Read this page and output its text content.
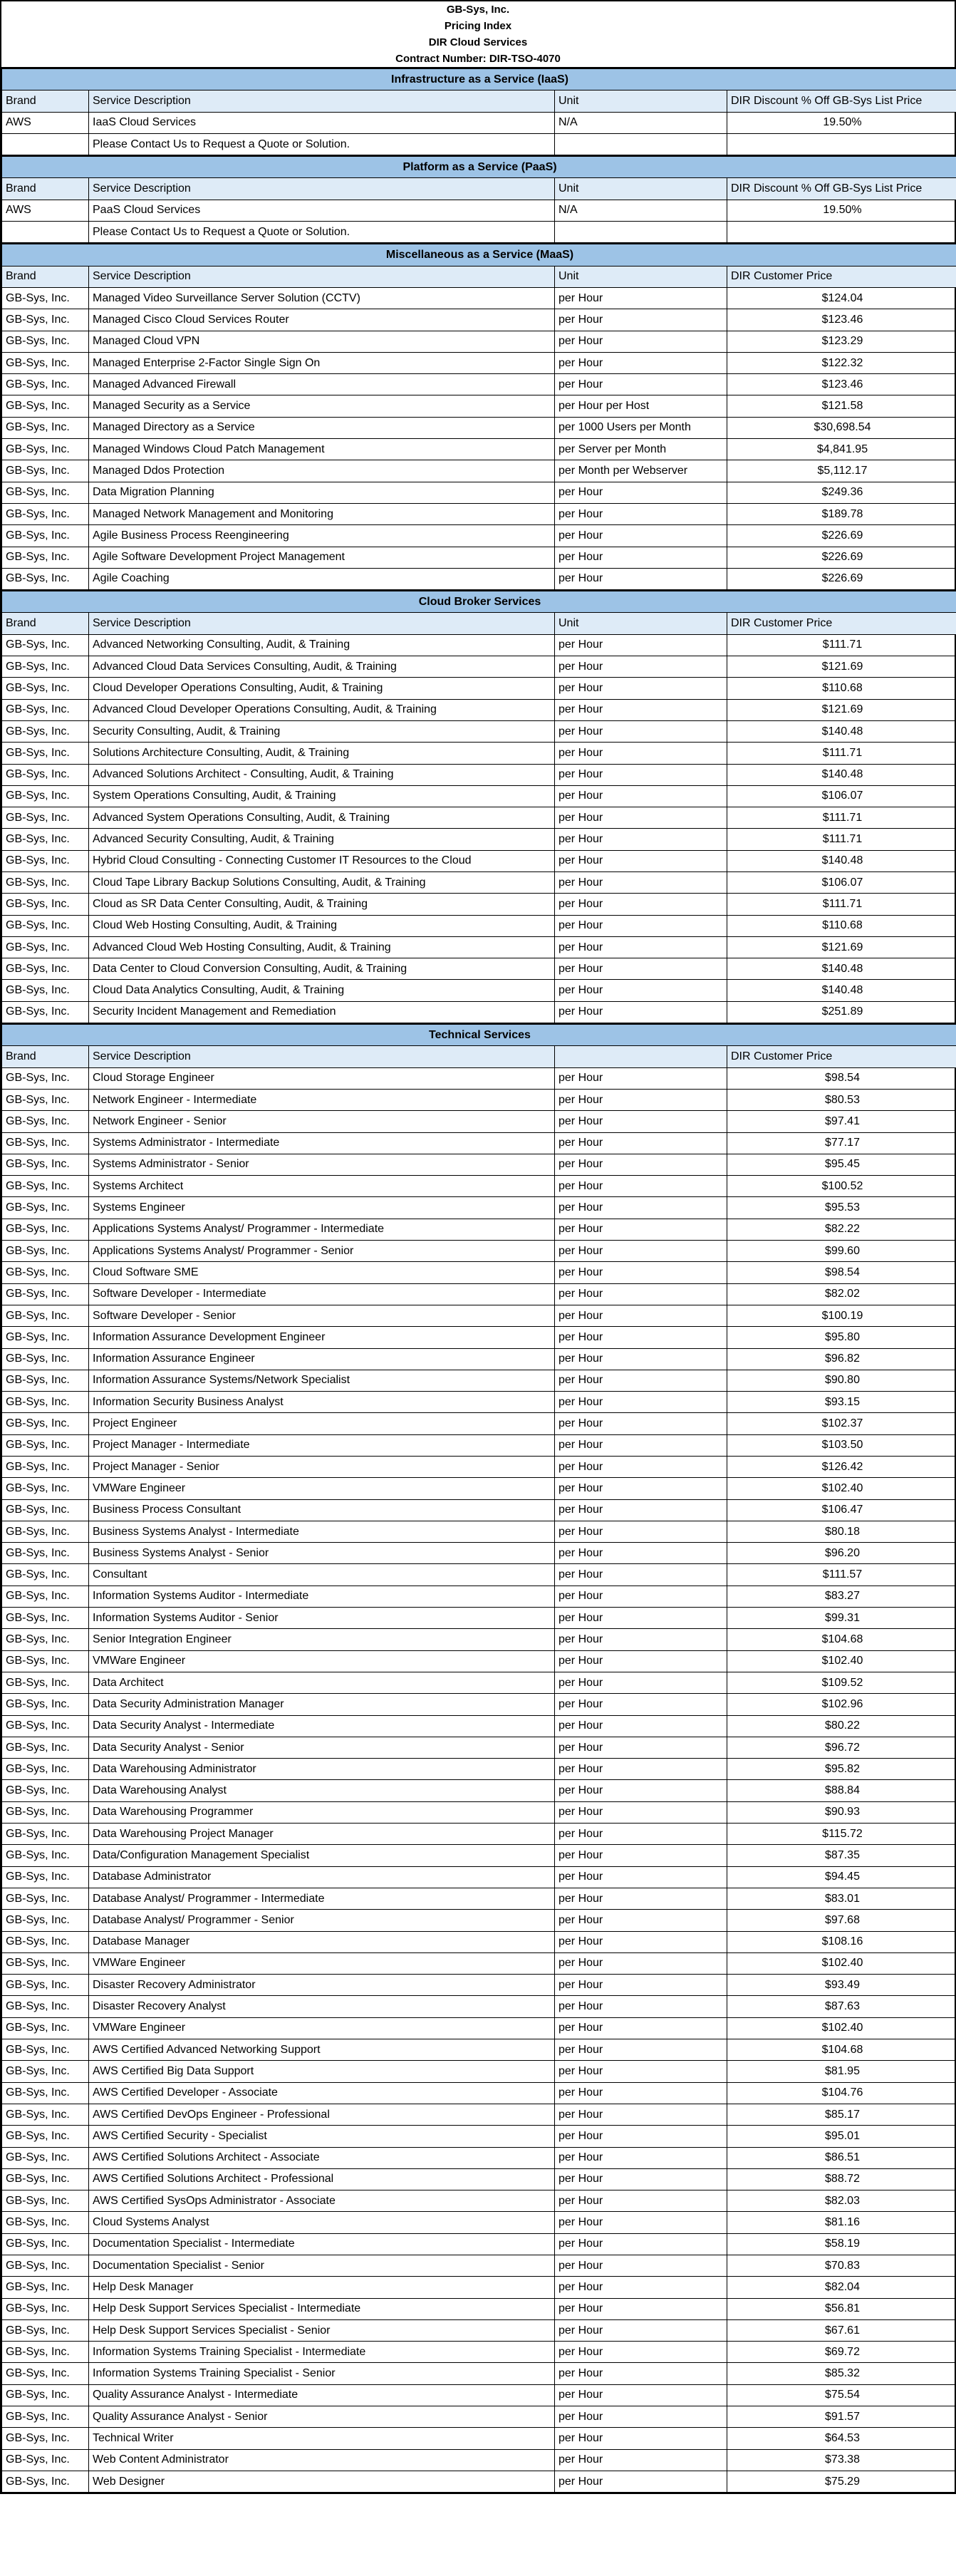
GB-Sys, Inc.
Pricing Index
DIR Cloud Services
Contract Number: DIR-TSO-4070
Infrastructure as a Service (IaaS)			
Brand	Service Description	Unit	DIR Discount % Off GB-Sys List Price
AWS	IaaS Cloud Services	N/A	19.50%
	Please Contact Us to Request a Quote or Solution.		
Platform as a Service (PaaS)			
Brand	Service Description	Unit	DIR Discount % Off GB-Sys List Price
AWS	PaaS Cloud Services	N/A	19.50%
	Please Contact Us to Request a Quote or Solution.		
Miscellaneous as a Service (MaaS)			
Brand	Service Description	Unit	DIR Customer Price
GB-Sys, Inc.	Managed Video Surveillance Server Solution (CCTV)	per Hour	$124.04
GB-Sys, Inc.	Managed Cisco Cloud Services Router	per Hour	$123.46
GB-Sys, Inc.	Managed Cloud VPN	per Hour	$123.29
GB-Sys, Inc.	Managed Enterprise 2-Factor Single Sign On	per Hour	$122.32
GB-Sys, Inc.	Managed Advanced Firewall	per Hour	$123.46
GB-Sys, Inc.	Managed Security as a Service	per Hour per Host	$121.58
GB-Sys, Inc.	Managed Directory as a Service	per 1000 Users per Month	$30,698.54
GB-Sys, Inc.	Managed Windows Cloud Patch Management	per Server per Month	$4,841.95
GB-Sys, Inc.	Managed Ddos Protection	per Month per Webserver	$5,112.17
GB-Sys, Inc.	Data Migration Planning	per Hour	$249.36
GB-Sys, Inc.	Managed Network Management and Monitoring	per Hour	$189.78
GB-Sys, Inc.	Agile Business Process Reengineering	per Hour	$226.69
GB-Sys, Inc.	Agile Software Development Project Management	per Hour	$226.69
GB-Sys, Inc.	Agile Coaching	per Hour	$226.69
Cloud Broker Services			
Brand	Service Description	Unit	DIR Customer Price
GB-Sys, Inc.	Advanced Networking Consulting, Audit, & Training	per Hour	$111.71
GB-Sys, Inc.	Advanced Cloud Data Services Consulting, Audit, & Training	per Hour	$121.69
GB-Sys, Inc.	Cloud Developer Operations Consulting, Audit, & Training	per Hour	$110.68
GB-Sys, Inc.	Advanced Cloud Developer Operations Consulting, Audit, & Training	per Hour	$121.69
GB-Sys, Inc.	Security Consulting, Audit, & Training	per Hour	$140.48
GB-Sys, Inc.	Solutions Architecture Consulting, Audit, & Training	per Hour	$111.71
GB-Sys, Inc.	Advanced Solutions Architect - Consulting, Audit, & Training	per Hour	$140.48
GB-Sys, Inc.	System Operations Consulting, Audit, & Training	per Hour	$106.07
GB-Sys, Inc.	Advanced System Operations Consulting, Audit, & Training	per Hour	$111.71
GB-Sys, Inc.	Advanced Security Consulting, Audit, & Training	per Hour	$111.71
GB-Sys, Inc.	Hybrid Cloud Consulting - Connecting Customer IT Resources to the Cloud	per Hour	$140.48
GB-Sys, Inc.	Cloud Tape Library Backup Solutions Consulting, Audit, & Training	per Hour	$106.07
GB-Sys, Inc.	Cloud as SR Data Center Consulting, Audit, & Training	per Hour	$111.71
GB-Sys, Inc.	Cloud Web Hosting Consulting, Audit, & Training	per Hour	$110.68
GB-Sys, Inc.	Advanced Cloud Web Hosting Consulting, Audit, & Training	per Hour	$121.69
GB-Sys, Inc.	Data Center to Cloud Conversion Consulting, Audit, & Training	per Hour	$140.48
GB-Sys, Inc.	Cloud Data Analytics Consulting, Audit, & Training	per Hour	$140.48
GB-Sys, Inc.	Security Incident Management and Remediation	per Hour	$251.89
Technical Services			
Brand	Service Description		DIR Customer Price
GB-Sys, Inc.	Cloud Storage Engineer	per Hour	$98.54
GB-Sys, Inc.	Network Engineer - Intermediate	per Hour	$80.53
GB-Sys, Inc.	Network Engineer - Senior	per Hour	$97.41
GB-Sys, Inc.	Systems Administrator - Intermediate	per Hour	$77.17
GB-Sys, Inc.	Systems Administrator - Senior	per Hour	$95.45
GB-Sys, Inc.	Systems Architect	per Hour	$100.52
GB-Sys, Inc.	Systems Engineer	per Hour	$95.53
GB-Sys, Inc.	Applications Systems Analyst/ Programmer - Intermediate	per Hour	$82.22
GB-Sys, Inc.	Applications Systems Analyst/ Programmer - Senior	per Hour	$99.60
GB-Sys, Inc.	Cloud Software SME	per Hour	$98.54
GB-Sys, Inc.	Software Developer - Intermediate	per Hour	$82.02
GB-Sys, Inc.	Software Developer - Senior	per Hour	$100.19
GB-Sys, Inc.	Information Assurance Development Engineer	per Hour	$95.80
GB-Sys, Inc.	Information Assurance Engineer	per Hour	$96.82
GB-Sys, Inc.	Information Assurance Systems/Network Specialist	per Hour	$90.80
GB-Sys, Inc.	Information Security Business Analyst	per Hour	$93.15
GB-Sys, Inc.	Project Engineer	per Hour	$102.37
GB-Sys, Inc.	Project Manager - Intermediate	per Hour	$103.50
GB-Sys, Inc.	Project Manager - Senior	per Hour	$126.42
GB-Sys, Inc.	VMWare Engineer	per Hour	$102.40
GB-Sys, Inc.	Business Process Consultant	per Hour	$106.47
GB-Sys, Inc.	Business Systems Analyst - Intermediate	per Hour	$80.18
GB-Sys, Inc.	Business Systems Analyst - Senior	per Hour	$96.20
GB-Sys, Inc.	Consultant	per Hour	$111.57
GB-Sys, Inc.	Information Systems Auditor - Intermediate	per Hour	$83.27
GB-Sys, Inc.	Information Systems Auditor - Senior	per Hour	$99.31
GB-Sys, Inc.	Senior Integration Engineer	per Hour	$104.68
GB-Sys, Inc.	VMWare Engineer	per Hour	$102.40
GB-Sys, Inc.	Data Architect	per Hour	$109.52
GB-Sys, Inc.	Data Security Administration Manager	per Hour	$102.96
GB-Sys, Inc.	Data Security Analyst - Intermediate	per Hour	$80.22
GB-Sys, Inc.	Data Security Analyst - Senior	per Hour	$96.72
GB-Sys, Inc.	Data Warehousing Administrator	per Hour	$95.82
GB-Sys, Inc.	Data Warehousing Analyst	per Hour	$88.84
GB-Sys, Inc.	Data Warehousing Programmer	per Hour	$90.93
GB-Sys, Inc.	Data Warehousing Project Manager	per Hour	$115.72
GB-Sys, Inc.	Data/Configuration Management Specialist	per Hour	$87.35
GB-Sys, Inc.	Database Administrator	per Hour	$94.45
GB-Sys, Inc.	Database Analyst/ Programmer - Intermediate	per Hour	$83.01
GB-Sys, Inc.	Database Analyst/ Programmer - Senior	per Hour	$97.68
GB-Sys, Inc.	Database Manager	per Hour	$108.16
GB-Sys, Inc.	VMWare Engineer	per Hour	$102.40
GB-Sys, Inc.	Disaster Recovery Administrator	per Hour	$93.49
GB-Sys, Inc.	Disaster Recovery Analyst	per Hour	$87.63
GB-Sys, Inc.	VMWare Engineer	per Hour	$102.40
GB-Sys, Inc.	AWS Certified Advanced Networking Support	per Hour	$104.68
GB-Sys, Inc.	AWS Certified Big Data Support	per Hour	$81.95
GB-Sys, Inc.	AWS Certified Developer - Associate	per Hour	$104.76
GB-Sys, Inc.	AWS Certified DevOps Engineer - Professional	per Hour	$85.17
GB-Sys, Inc.	AWS Certified Security - Specialist	per Hour	$95.01
GB-Sys, Inc.	AWS Certified Solutions Architect - Associate	per Hour	$86.51
GB-Sys, Inc.	AWS Certified Solutions Architect - Professional	per Hour	$88.72
GB-Sys, Inc.	AWS Certified SysOps Administrator - Associate	per Hour	$82.03
GB-Sys, Inc.	Cloud Systems Analyst	per Hour	$81.16
GB-Sys, Inc.	Documentation Specialist - Intermediate	per Hour	$58.19
GB-Sys, Inc.	Documentation Specialist - Senior	per Hour	$70.83
GB-Sys, Inc.	Help Desk Manager	per Hour	$82.04
GB-Sys, Inc.	Help Desk Support Services Specialist - Intermediate	per Hour	$56.81
GB-Sys, Inc.	Help Desk Support Services Specialist - Senior	per Hour	$67.61
GB-Sys, Inc.	Information Systems Training Specialist - Intermediate	per Hour	$69.72
GB-Sys, Inc.	Information Systems Training Specialist - Senior	per Hour	$85.32
GB-Sys, Inc.	Quality Assurance Analyst - Intermediate	per Hour	$75.54
GB-Sys, Inc.	Quality Assurance Analyst - Senior	per Hour	$91.57
GB-Sys, Inc.	Technical Writer	per Hour	$64.53
GB-Sys, Inc.	Web Content Administrator	per Hour	$73.38
GB-Sys, Inc.	Web Designer	per Hour	$75.29
